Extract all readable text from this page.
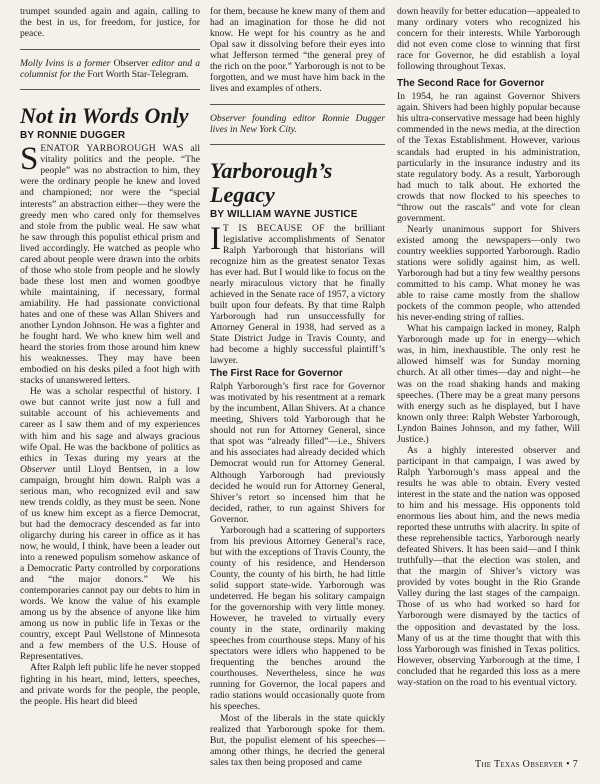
trumpet sounded again and again, calling to the best in us, for freedom, for justice, for peace.

Molly Ivins is a former Observer editor and a columnist for the Fort Worth Star-Telegram.

Not in Words Only
BY RONNIE DUGGER

SENATOR YARBOROUGH WAS all vitality politics and the people. “The people” was no abstraction to him, they were the ordinary people he knew and loved and championed; nor were the “special interests” an abstraction either—they were the greedy men who cared only for themselves and stole from the public weal. He saw what he saw through this populist ethical prism and lived accordingly. He watched as people who cared about people were drawn into the orbits of those who stole from people and he slowly bade these lost men and women goodbye while maintaining, if necessary, formal amiability. He had passionate convictional hates and one of these was Allan Shivers and another Lyndon Johnson. He was a fighter and he fought hard. We who knew him well and heard the stories from those around him knew his weaknesses. They may have been embodied on his desks piled a foot high with stacks of unanswered letters.

He was a scholar respectful of history. I owe but cannot write just now a full and suitable account of his achievements and career as I saw them and of my experiences with him and his sage and always gracious wife Opal. He was the backbone of politics as ethics in Texas during my years at the Observer until Lloyd Bentsen, in a low campaign, brought him down. Ralph was a serious man, who recognized evil and saw new trends coldly, as they must be seen. None of us knew him except as a fierce Democrat, but had the democracy descended as far into oligarchy during his career in office as it has now, he would, I think, have been a leader out into a renewed populism somehow askance of a Democratic Party controlled by corporations and “the major donors.” We his contemporaries cannot pay our debts to him in words. We know the value of his example among us by the absence of anyone like him among us now in public life in Texas or the country, except Paul Wellstone of Minnesota and a few members of the U.S. House of Representatives.

After Ralph left public life he never stopped fighting in his heart, mind, letters, speeches, and private words for the people, the people, the people. His heart did bleed

for them, because he knew many of them and had an imagination for those he did not know. He wept for his country as he and Opal saw it dissolving before their eyes into what Jefferson termed “the general prey of the rich on the poor.” Yarborough is not to be forgotten, and we must have him back in the lives and examples of others.

Observer founding editor Ronnie Dugger lives in New York City.

Yarborough’s Legacy
BY WILLIAM WAYNE JUSTICE

I T IS BECAUSE OF the brilliant legislative accomplishments of Senator Ralph Yarborough that historians will recognize him as the greatest senator Texas has ever had. But I would like to focus on the nearly miraculous victory that he finally achieved in the Senate race of 1957, a victory built upon four defeats. By that time Ralph Yarborough had run unsuccessfully for Attorney General in 1938, had served as a State District Judge in Travis County, and had become a highly successful plaintiff’s lawyer.

The First Race for Governor

Ralph Yarborough’s first race for Governor was motivated by his resentment at a remark by the incumbent, Allan Shivers. At a chance meeting, Shivers told Yarborough that he should not run for Attorney General, since that spot was “already filled”—i.e., Shivers and his associates had already decided which Democrat would run for Attorney General. Although Yarborough had previously decided he would run for Attorney General, Shiver’s retort so incensed him that he decided, rather, to run against Shivers for Governor.

Yarborough had a scattering of supporters from his previous Attorney General’s race, but with the exceptions of Travis County, the county of his residence, and Henderson County, the county of his birth, he had little solid support state-wide. Yarborough was undeterred. He began his solitary campaign for the governorship with very little money. However, he traveled to virtually every county in the state, ordinarily making speeches from courthouse steps. Many of his spectators were idlers who happened to be frequenting the benches around the courthouses. Nevertheless, since he was running for Governor, the local papers and radio stations would occasionally quote from his speeches.

Most of the liberals in the state quickly realized that Yarborough spoke for them. But, the populist element of his speeches—among other things, he decried the general sales tax then being proposed and came

down heavily for better education—appealed to many ordinary voters who recognized his concern for their interests. While Yarborough did not even come close to winning that first race for Governor, he did establish a loyal following throughout Texas.

The Second Race for Governor

In 1954, he ran against Governor Shivers again. Shivers had been highly popular because his ultra-conservative message had been highly commended in the news media, at the direction of the Texas Establishment. However, various scandals had erupted in his administration, particularly in the insurance industry and its state regulatory body. As a result, Yarborough had much to talk about. He exhorted the crowds that now flocked to his speeches to “throw out the rascals” and vote for clean government.

Nearly unanimous support for Shivers existed among the newspapers—only two country weeklies supported Yarborough. Radio stations were solidly against him, as well. Yarborough had but a tiny few wealthy persons committed to his camp. What money he was able to raise came mostly from the shallow pockets of the common people, who attended his never-ending string of rallies.

What his campaign lacked in money, Ralph Yarborough made up for in energy—which was, in him, inexhaustible. The only rest he allowed himself was for Sunday morning church. At all other times—day and night—he was on the road shaking hands and making speeches. (There may be a great many persons with energy such as he displayed, but I have known only three: Ralph Webster Yarborough, Lyndon Baines Johnson, and my father, Will Justice.)

As a highly interested observer and participant in that campaign, I was awed by Ralph Yarborough’s mass appeal and the results he was able to obtain. Every vested interest in the state and the nation was opposed to him and his message. His opponents told enormous lies about him, and the news media reported these untruths with alacrity. In spite of these reprehensible tactics, Yarborough nearly defeated Shivers. It has been said—and I think truthfully—that the election was stolen, and that the margin of Shiver’s victory was provided by votes bought in the Rio Grande Valley during the last stages of the campaign. Those of us who had worked so hard for Yarborough were dismayed by the tactics of the opposition and devastated by the loss. Many of us at the time thought that with this loss Yarborough was finished in Texas politics. However, observing Yarborough at the time, I concluded that he regarded this loss as a mere way-station on the road to his eventual victory.

The Texas Observer • 7
